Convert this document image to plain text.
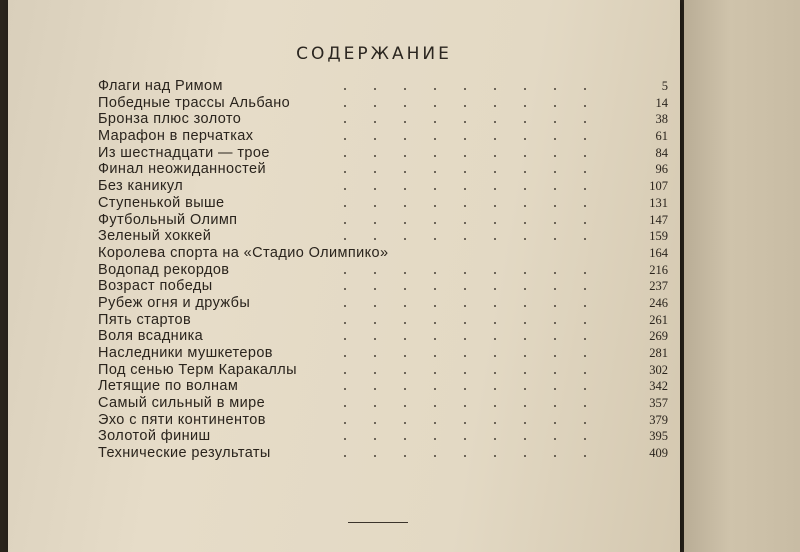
СОДЕРЖАНИЕ
Флаги над Римом	5
Победные трассы Альбано	14
Бронза плюс золото	38
Марафон в перчатках	61
Из шестнадцати — трое	84
Финал неожиданностей	96
Без каникул	107
Ступенькой выше	131
Футбольный Олимп	147
Зеленый хоккей	159
Королева спорта на «Стадио Олимпико»	164
Водопад рекордов	216
Возраст победы	237
Рубеж огня и дружбы	246
Пять стартов	261
Воля всадника	269
Наследники мушкетеров	281
Под сенью Терм Каракаллы	302
Летящие по волнам	342
Самый сильный в мире	357
Эхо с пяти континентов	379
Золотой финиш	395
Технические результаты	409
